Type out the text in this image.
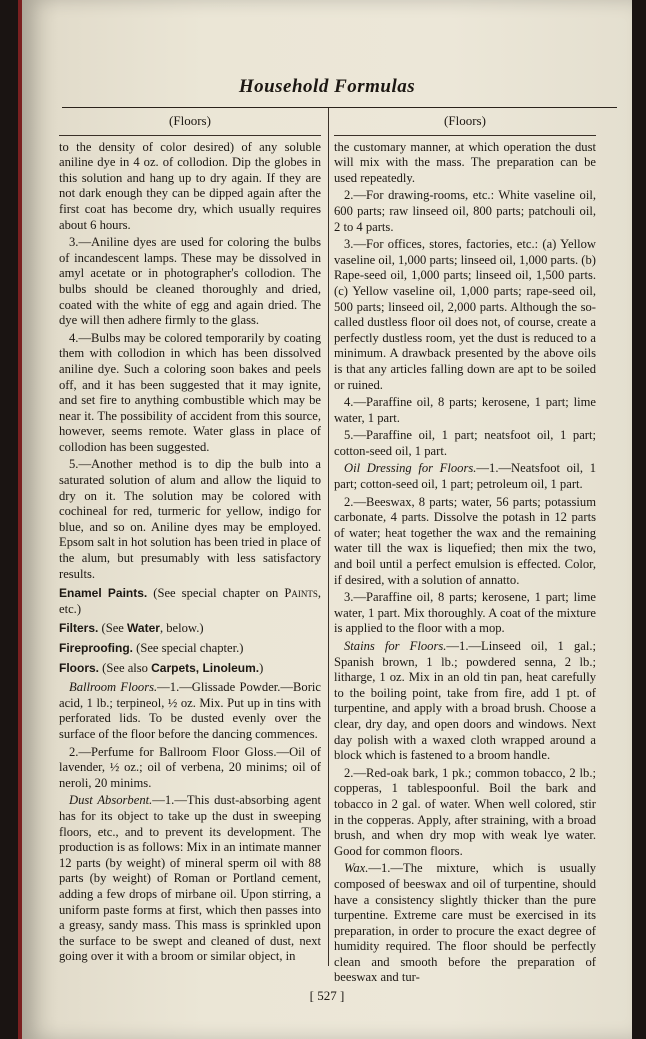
Household Formulas
(Floors)

to the density of color desired) of any soluble aniline dye in 4 oz. of collodion. Dip the globes in this solution and hang up to dry again. If they are not dark enough they can be dipped again after the first coat has become dry, which usually requires about 6 hours.

3.—Aniline dyes are used for coloring the bulbs of incandescent lamps. These may be dissolved in amyl acetate or in photographer's collodion. The bulbs should be cleaned thoroughly and dried, coated with the white of egg and again dried. The dye will then adhere firmly to the glass.

4.—Bulbs may be colored temporarily by coating them with collodion in which has been dissolved aniline dye. Such a coloring soon bakes and peels off, and it has been suggested that it may ignite, and set fire to anything combustible which may be near it. The possibility of accident from this source, however, seems remote. Water glass in place of collodion has been suggested.

5.—Another method is to dip the bulb into a saturated solution of alum and allow the liquid to dry on it. The solution may be colored with cochineal for red, turmeric for yellow, indigo for blue, and so on. Aniline dyes may be employed. Epsom salt in hot solution has been tried in place of the alum, but presumably with less satisfactory results.

Enamel Paints. (See special chapter on Paints, etc.)
Filters. (See Water, below.)
Fireproofing. (See special chapter.)
Floors. (See also Carpets, Linoleum.)

Ballroom Floors.—1.—Glissade Powder.—Boric acid, 1 lb.; terpineol, ½ oz. Mix. Put up in tins with perforated lids. To be dusted evenly over the surface of the floor before the dancing commences.

2.—Perfume for Ballroom Floor Gloss.—Oil of lavender, ½ oz.; oil of verbena, 20 minims; oil of neroli, 20 minims.

Dust Absorbent.—1.—This dust-absorbing agent has for its object to take up the dust in sweeping floors, etc., and to prevent its development. The production is as follows: Mix in an intimate manner 12 parts (by weight) of mineral sperm oil with 88 parts (by weight) of Roman or Portland cement, adding a few drops of mirbane oil. Upon stirring, a uniform paste forms at first, which then passes into a greasy, sandy mass. This mass is sprinkled upon the surface to be swept and cleaned of dust, next going over it with a broom or similar object, in

(Floors)

the customary manner, at which operation the dust will mix with the mass. The preparation can be used repeatedly.

2.—For drawing-rooms, etc.: White vaseline oil, 600 parts; raw linseed oil, 800 parts; patchouli oil, 2 to 4 parts.

3.—For offices, stores, factories, etc.: (a) Yellow vaseline oil, 1,000 parts; linseed oil, 1,000 parts. (b) Rape-seed oil, 1,000 parts; linseed oil, 1,500 parts. (c) Yellow vaseline oil, 1,000 parts; rape-seed oil, 500 parts; linseed oil, 2,000 parts. Although the so-called dustless floor oil does not, of course, create a perfectly dustless room, yet the dust is reduced to a minimum. A drawback presented by the above oils is that any articles falling down are apt to be soiled or ruined.

4.—Paraffine oil, 8 parts; kerosene, 1 part; lime water, 1 part.

5.—Paraffine oil, 1 part; neatsfoot oil, 1 part; cotton-seed oil, 1 part.

Oil Dressing for Floors.—1.—Neatsfoot oil, 1 part; cotton-seed oil, 1 part; petroleum oil, 1 part.

2.—Beeswax, 8 parts; water, 56 parts; potassium carbonate, 4 parts. Dissolve the potash in 12 parts of water; heat together the wax and the remaining water till the wax is liquefied; then mix the two, and boil until a perfect emulsion is effected. Color, if desired, with a solution of annatto.

3.—Paraffine oil, 8 parts; kerosene, 1 part; lime water, 1 part. Mix thoroughly. A coat of the mixture is applied to the floor with a mop.

Stains for Floors.—1.—Linseed oil, 1 gal.; Spanish brown, 1 lb.; powdered senna, 2 lb.; litharge, 1 oz. Mix in an old tin pan, heat carefully to the boiling point, take from fire, add 1 pt. of turpentine, and apply with a broad brush. Choose a clear, dry day, and open doors and windows. Next day polish with a waxed cloth wrapped around a block which is fastened to a broom handle.

2.—Red-oak bark, 1 pk.; common tobacco, 2 lb.; copperas, 1 tablespoonful. Boil the bark and tobacco in 2 gal. of water. When well colored, stir in the copperas. Apply, after straining, with a broad brush, and when dry mop with weak lye water. Good for common floors.

Wax.—1.—The mixture, which is usually composed of beeswax and oil of turpentine, should have a consistency slightly thicker than the pure turpentine. Extreme care must be exercised in its preparation, in order to procure the exact degree of humidity required. The floor should be perfectly clean and smooth before the preparation of beeswax and tur-

[ 527 ]
